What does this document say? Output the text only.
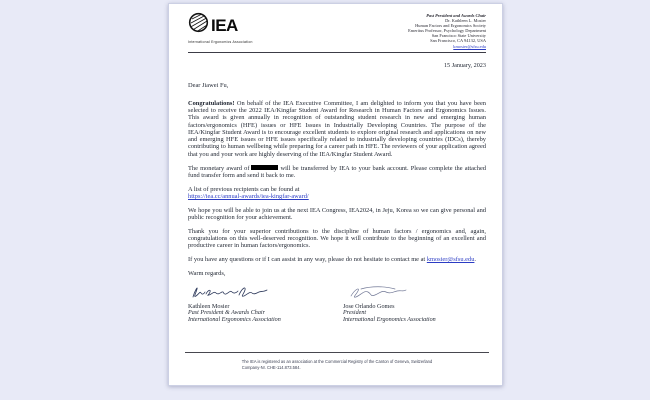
IEA
International Ergonomics Association
Past President and Awards Chair
Dr. Kathleen L. Mosier
Human Factors and Ergonomics Society
Emeritus Professor, Psychology Department
San Francisco State University
San Francisco, CA 94132, USA
kmosier@sfsu.edu
15 January, 2023
Dear Jiawei Fu,

Congratulations! On behalf of the IEA Executive Committee, I am delighted to inform you that you have been selected to receive the 2022 IEA/Kingfar Student Award for Research in Human Factors and Ergonomics Issues. This award is given annually in recognition of outstanding student research in new and emerging human factors/ergonomics (HFE) issues or HFE Issues in Industrially Developing Countries. The purpose of the IEA/Kingfar Student Award is to encourage excellent students to explore original research and applications on new and emerging HFE issues or HFE issues specifically related to industrially developing countries (IDCs), thereby contributing to human wellbeing while preparing for a career path in HFE. The reviewers of your application agreed that you and your work are highly deserving of the IEA/Kingfar Student Award.

The monetary award of	will be transferred by IEA to your bank account. Please complete the attached fund transfer form and send it back to me.

A list of previous recipients can be found at
https://iea.cc/annual-awards/iea-kingfar-award/

We hope you will be able to join us at the next IEA Congress, IEA2024, in Jeju, Korea so we can give personal and public recognition for your achievement.

Thank you for your superior contributions to the discipline of human factors / ergonomics and, again, congratulations on this well-deserved recognition. We hope it will contribute to the beginning of an excellent and productive career in human factors/ergonomics.

If you have any questions or if I can assist in any way, please do not hesitate to contact me at kmosier@sfsu.edu.

Warm regards,

Kathleen Mosier
Past President & Awards Chair
International Ergonomics Association
Jose Orlando Gomes
President
International Ergonomics Association
The IEA is registered as an association at the Commercial Registry of the Canton of Geneva, Switzerland
Company-Nr. CHE-114.873.584.
